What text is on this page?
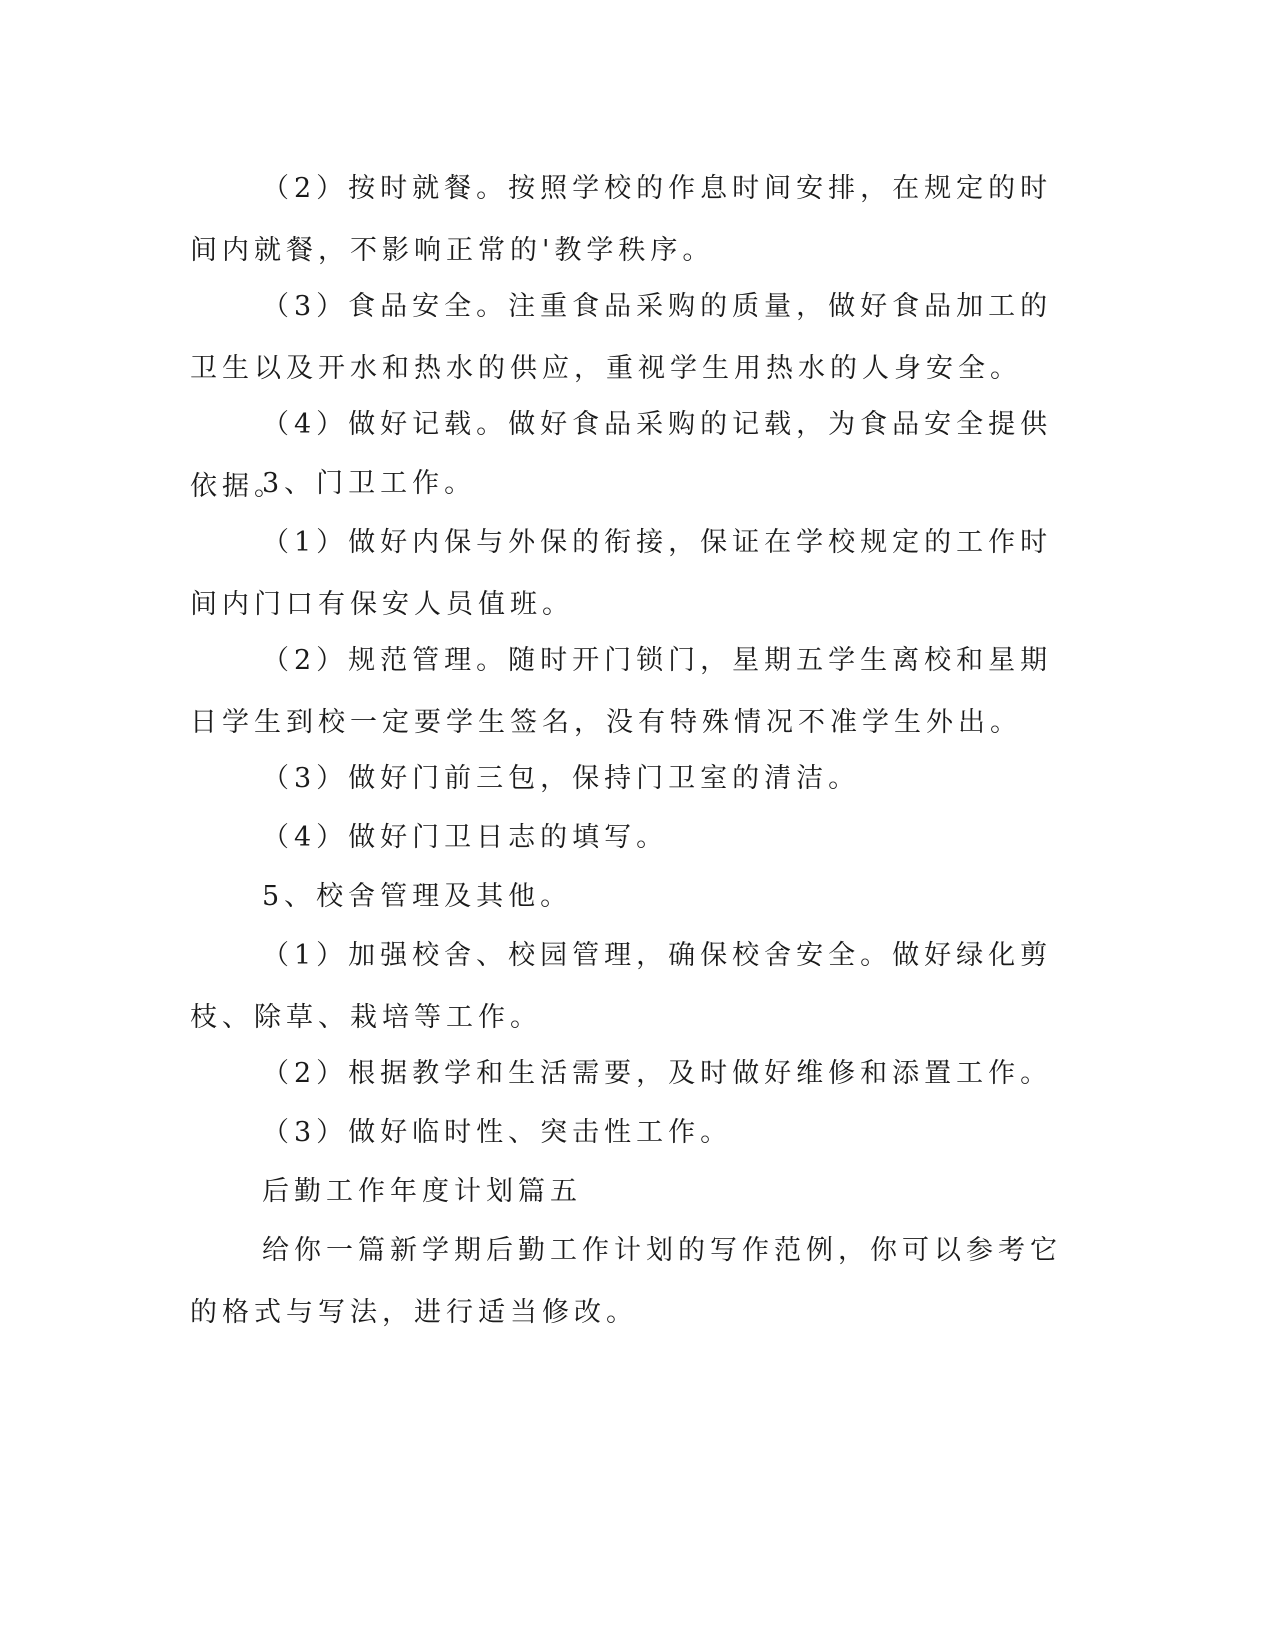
（2）按时就餐。按照学校的作息时间安排，在规定的时间内就餐，不影响正常的'教学秩序。

（3）食品安全。注重食品采购的质量，做好食品加工的卫生以及开水和热水的供应，重视学生用热水的人身安全。

（4）做好记载。做好食品采购的记载，为食品安全提供依据。

3、门卫工作。

（1）做好内保与外保的衔接，保证在学校规定的工作时间内门口有保安人员值班。

（2）规范管理。随时开门锁门，星期五学生离校和星期日学生到校一定要学生签名，没有特殊情况不准学生外出。

（3）做好门前三包，保持门卫室的清洁。

（4）做好门卫日志的填写。

5、校舍管理及其他。

（1）加强校舍、校园管理，确保校舍安全。做好绿化剪枝、除草、栽培等工作。

（2）根据教学和生活需要，及时做好维修和添置工作。

（3）做好临时性、突击性工作。

后勤工作年度计划篇五

给你一篇新学期后勤工作计划的写作范例，你可以参考它的格式与写法，进行适当修改。
